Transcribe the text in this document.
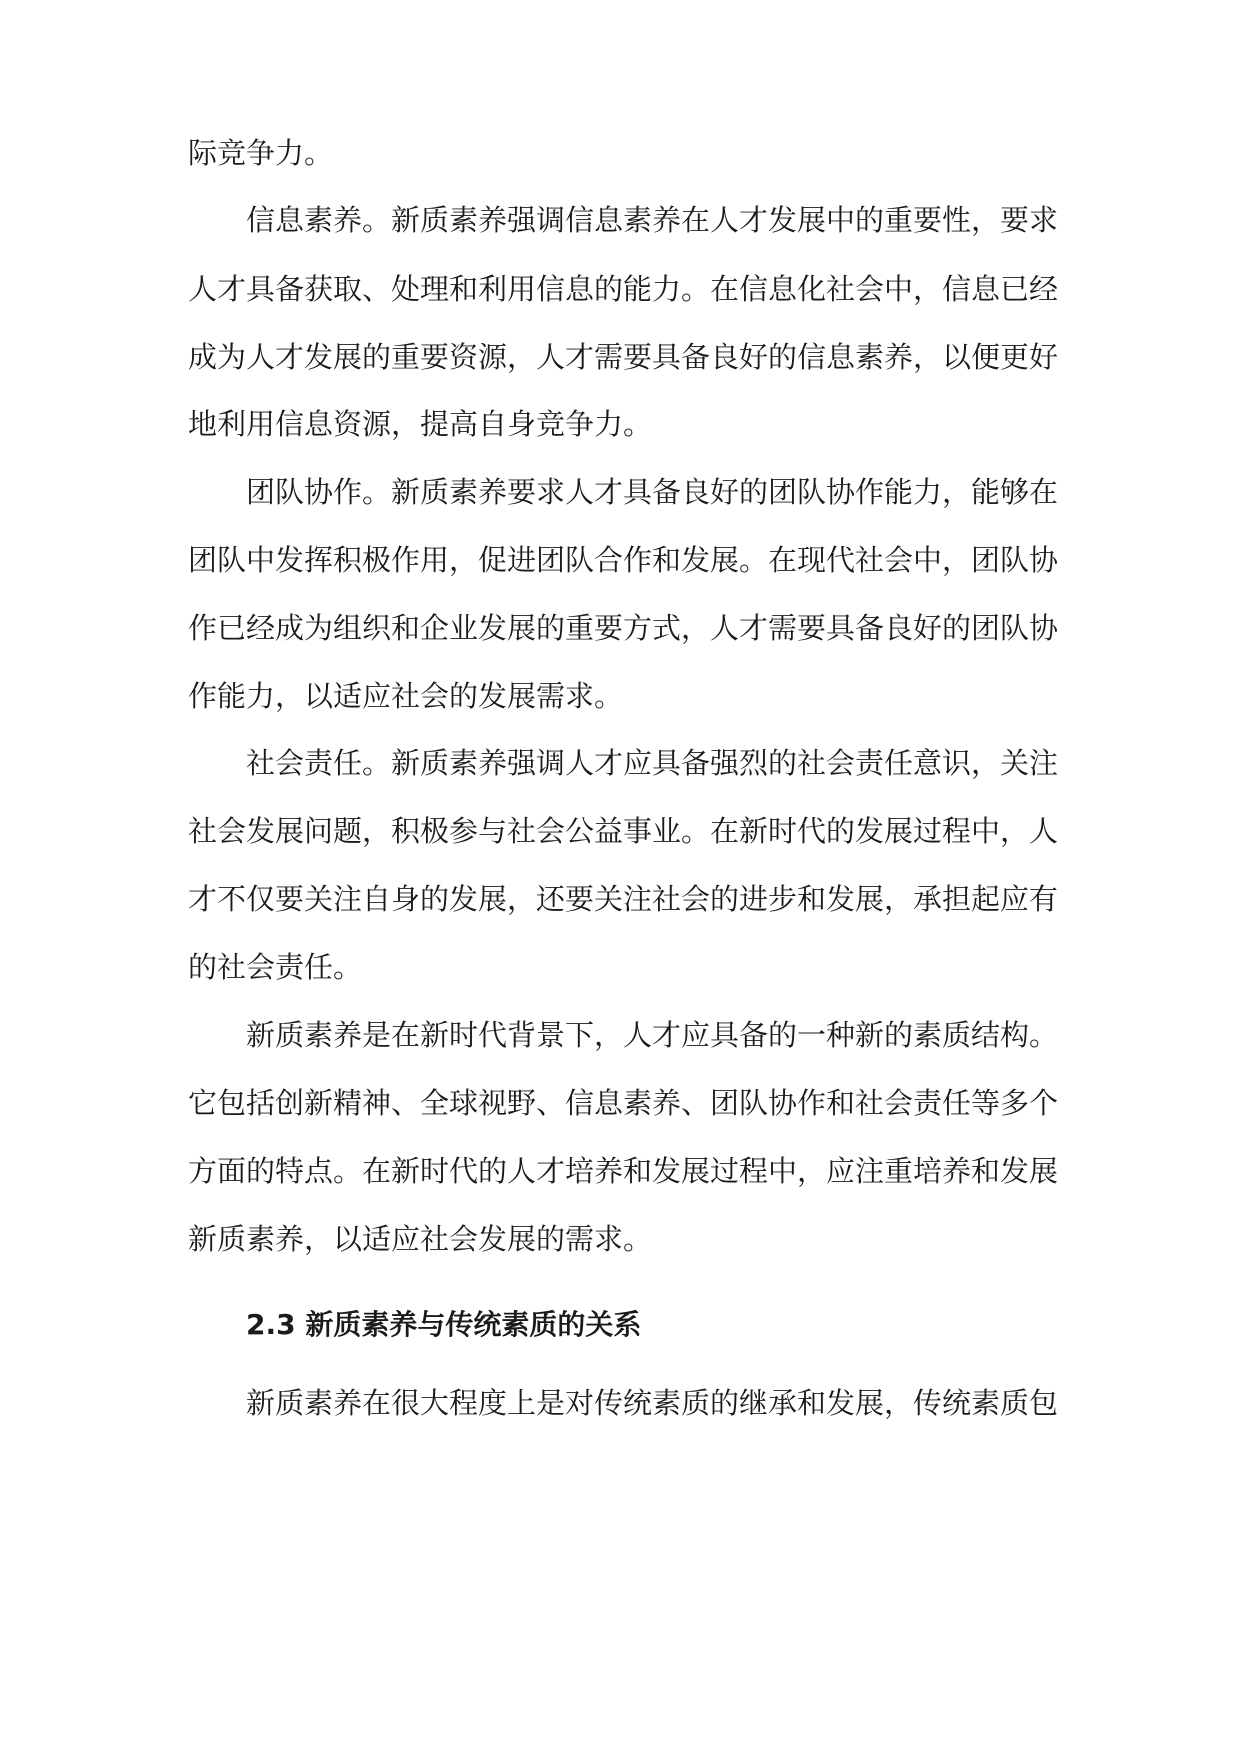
际竞争力。
信息素养。新质素养强调信息素养在人才发展中的重要性，要求
人才具备获取、处理和利用信息的能力。在信息化社会中，信息已经
成为人才发展的重要资源，人才需要具备良好的信息素养，以便更好
地利用信息资源，提高自身竞争力。
团队协作。新质素养要求人才具备良好的团队协作能力，能够在
团队中发挥积极作用，促进团队合作和发展。在现代社会中，团队协
作已经成为组织和企业发展的重要方式，人才需要具备良好的团队协
作能力，以适应社会的发展需求。
社会责任。新质素养强调人才应具备强烈的社会责任意识，关注
社会发展问题，积极参与社会公益事业。在新时代的发展过程中，人
才不仅要关注自身的发展，还要关注社会的进步和发展，承担起应有
的社会责任。
新质素养是在新时代背景下，人才应具备的一种新的素质结构。
它包括创新精神、全球视野、信息素养、团队协作和社会责任等多个
方面的特点。在新时代的人才培养和发展过程中，应注重培养和发展
新质素养，以适应社会发展的需求。
2.3 新质素养与传统素质的关系
新质素养在很大程度上是对传统素质的继承和发展，传统素质包
